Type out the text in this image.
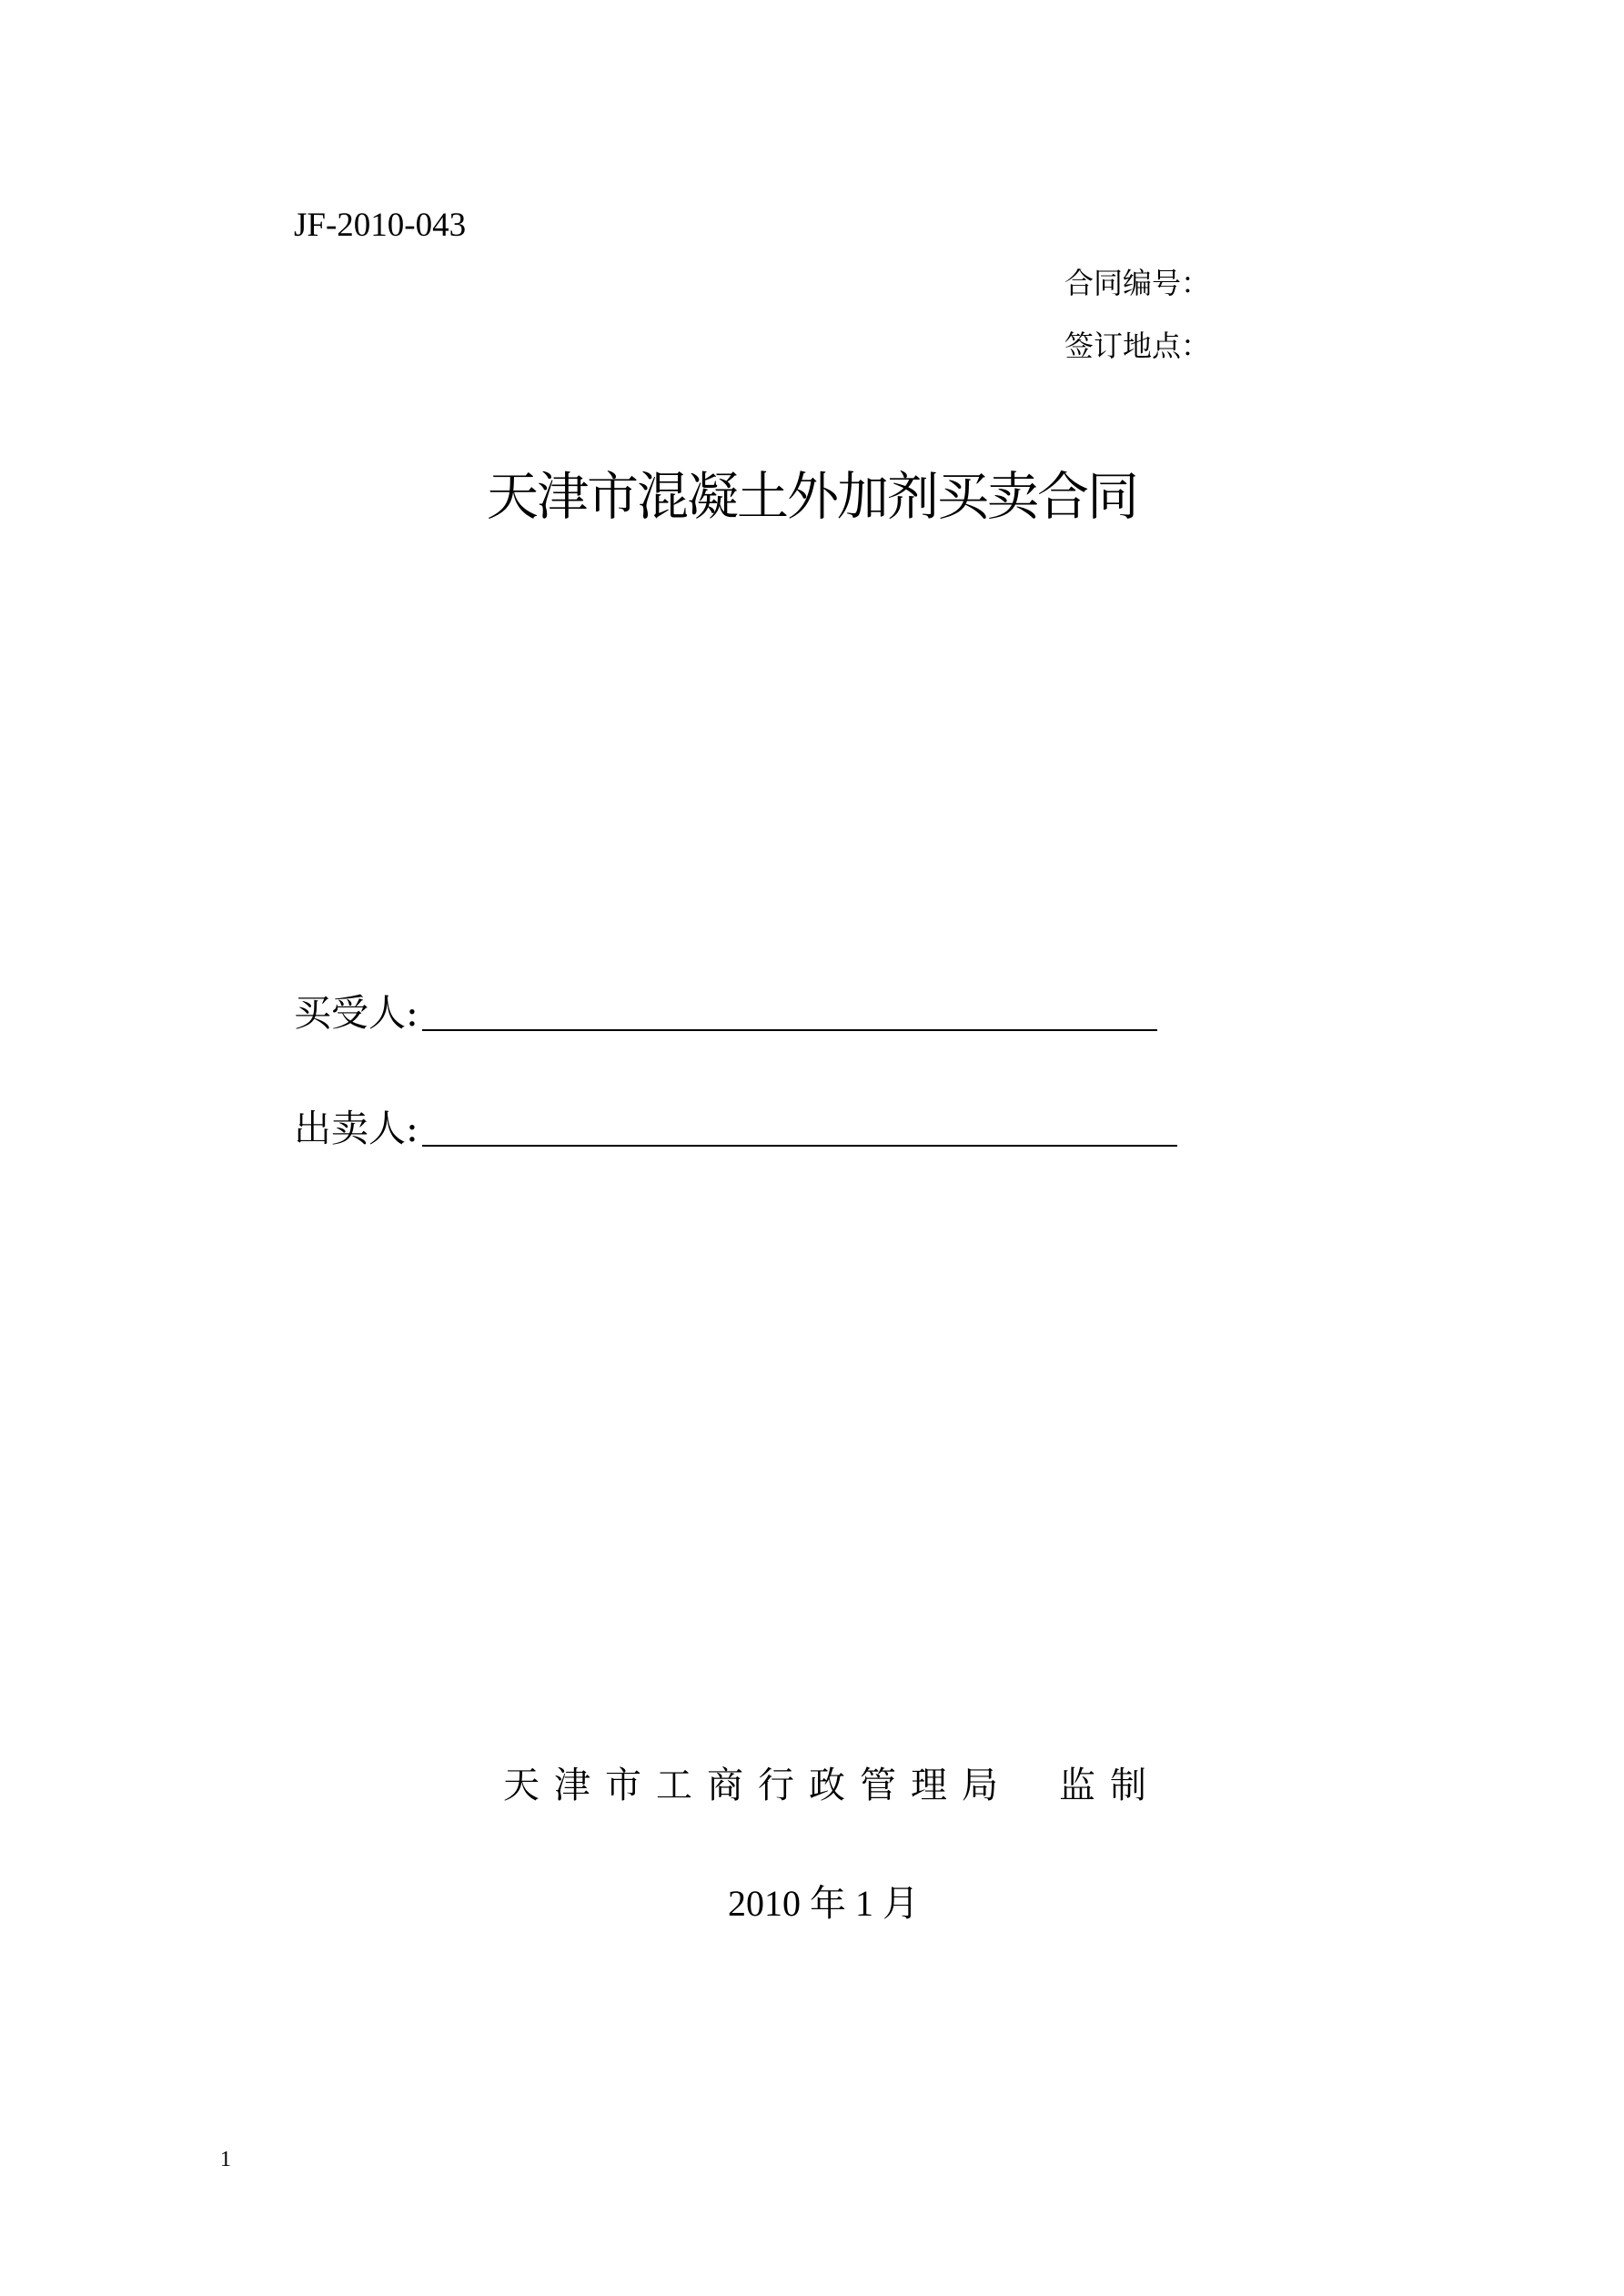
JF-2010-043
合同编号：
签订地点：
天津市混凝土外加剂买卖合同
买受人:
出卖人:
天津市工商行政管理局 监制
2010 年 1 月
1
